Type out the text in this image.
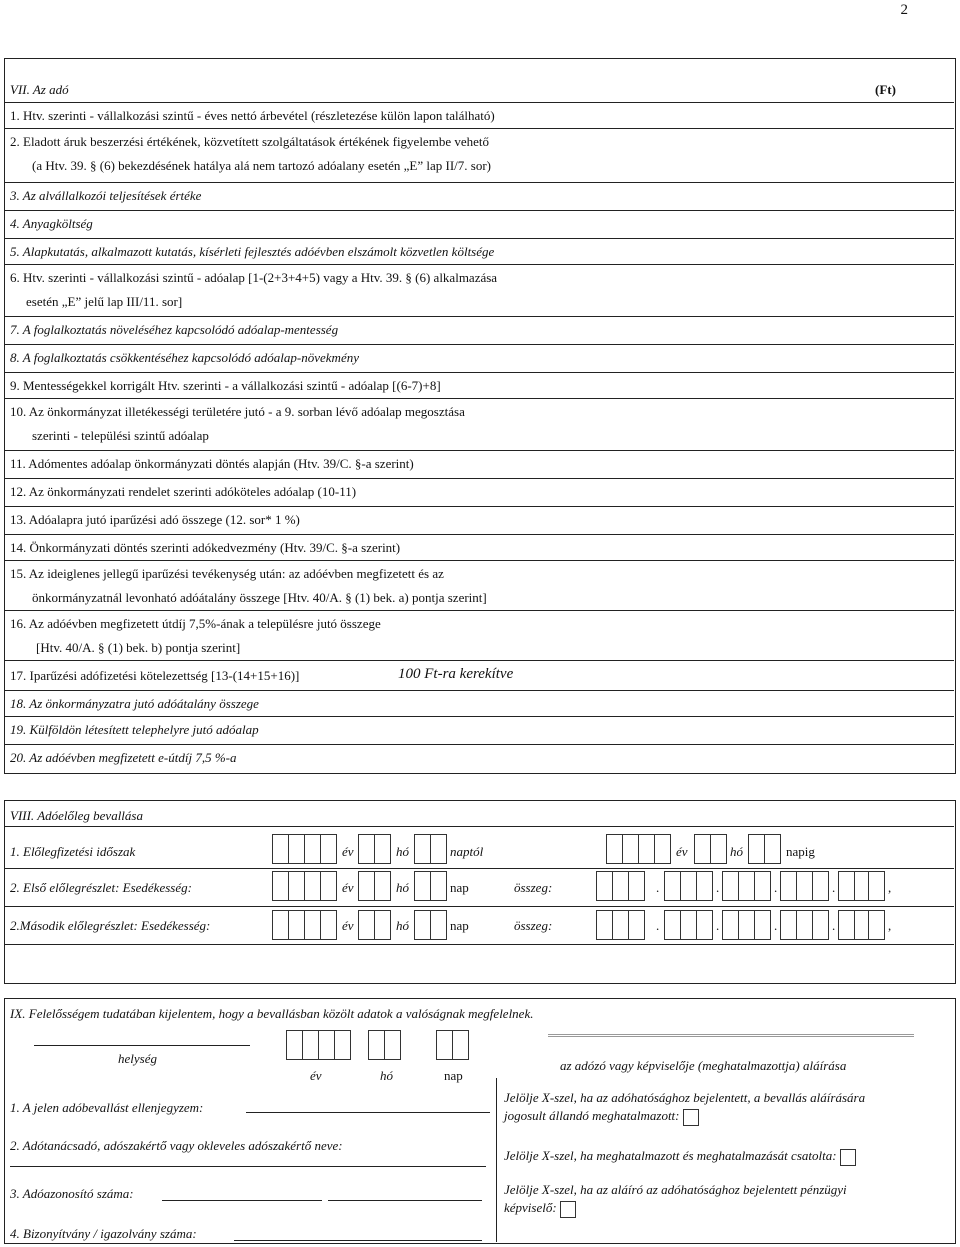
2
VII. Az adó	(Ft)
1. Htv. szerinti - vállalkozási szintű - éves nettó árbevétel (részletezése külön lapon található)
2. Eladott áruk beszerzési értékének, közvetített szolgáltatások értékének figyelembe vehető
(a Htv. 39. § (6) bekezdésének hatálya alá nem tartozó adóalany esetén „E” lap II/7. sor)
3. Az alvállalkozói teljesítések értéke
4. Anyagköltség
5. Alapkutatás, alkalmazott kutatás, kísérleti fejlesztés adóévben elszámolt közvetlen költsége
6. Htv. szerinti - vállalkozási szintű - adóalap [1-(2+3+4+5) vagy a Htv. 39. § (6) alkalmazása
esetén „E” jelű lap III/11. sor]
7. A foglalkoztatás növeléséhez kapcsolódó adóalap-mentesség
8. A foglalkoztatás csökkentéséhez kapcsolódó adóalap-növekmény
9. Mentességekkel korrigált Htv. szerinti - a vállalkozási szintű - adóalap [(6-7)+8]
10. Az önkormányzat illetékességi területére jutó - a 9. sorban lévő adóalap megosztása
szerinti - települési szintű adóalap
11. Adómentes adóalap önkormányzati döntés alapján (Htv. 39/C. §-a szerint)
12. Az önkormányzati rendelet szerinti adóköteles adóalap (10-11)
13. Adóalapra jutó iparűzési adó összege (12. sor* 1 %)
14. Önkormányzati döntés szerinti adókedvezmény (Htv. 39/C. §-a szerint)
15. Az ideiglenes jellegű iparűzési tevékenység után: az adóévben megfizetett és az
önkormányzatnál levonható adóátalány összege [Htv. 40/A. § (1) bek. a) pontja szerint]
16. Az adóévben megfizetett útdíj 7,5%-ának a településre jutó összege
[Htv. 40/A. § (1) bek. b) pontja szerint]
17. Iparűzési adófizetési kötelezettség [13-(14+15+16)]	100 Ft-ra kerekítve
18. Az önkormányzatra jutó adóátalány összege
19. Külföldön létesített telephelyre jutó adóalap
20. Az adóévben megfizetett e-útdíj 7,5 %-a
VIII. Adóelőleg bevallása
1. Előlegfizetési időszak	év	hó	naptól	év	hó	napig
2. Első előlegrészlet: Esedékesség:	év	hó	nap	összeg:	.	.	.	.	,
2.Második előlegrészlet: Esedékesség:	év	hó	nap	összeg:	.	.	.	.	,
IX. Felelősségem tudatában kijelentem, hogy a bevallásban közölt adatok a valóságnak megfelelnek.
helység
év	hó	nap
az adózó vagy képviselője (meghatalmazottja) aláírása
1. A jelen adóbevallást ellenjegyzem:
2. Adótanácsadó, adószakértő vagy okleveles adószakértő neve:
3. Adóazonosító száma:
4. Bizonyítvány / igazolvány száma:
Jelölje X-szel, ha az adóhatósághoz bejelentett, a bevallás aláírására
jogosult állandó meghatalmazott:
Jelölje X-szel, ha meghatalmazott és meghatalmazását csatolta:
Jelölje X-szel, ha az aláíró az adóhatósághoz bejelentett pénzügyi
képviselő:
